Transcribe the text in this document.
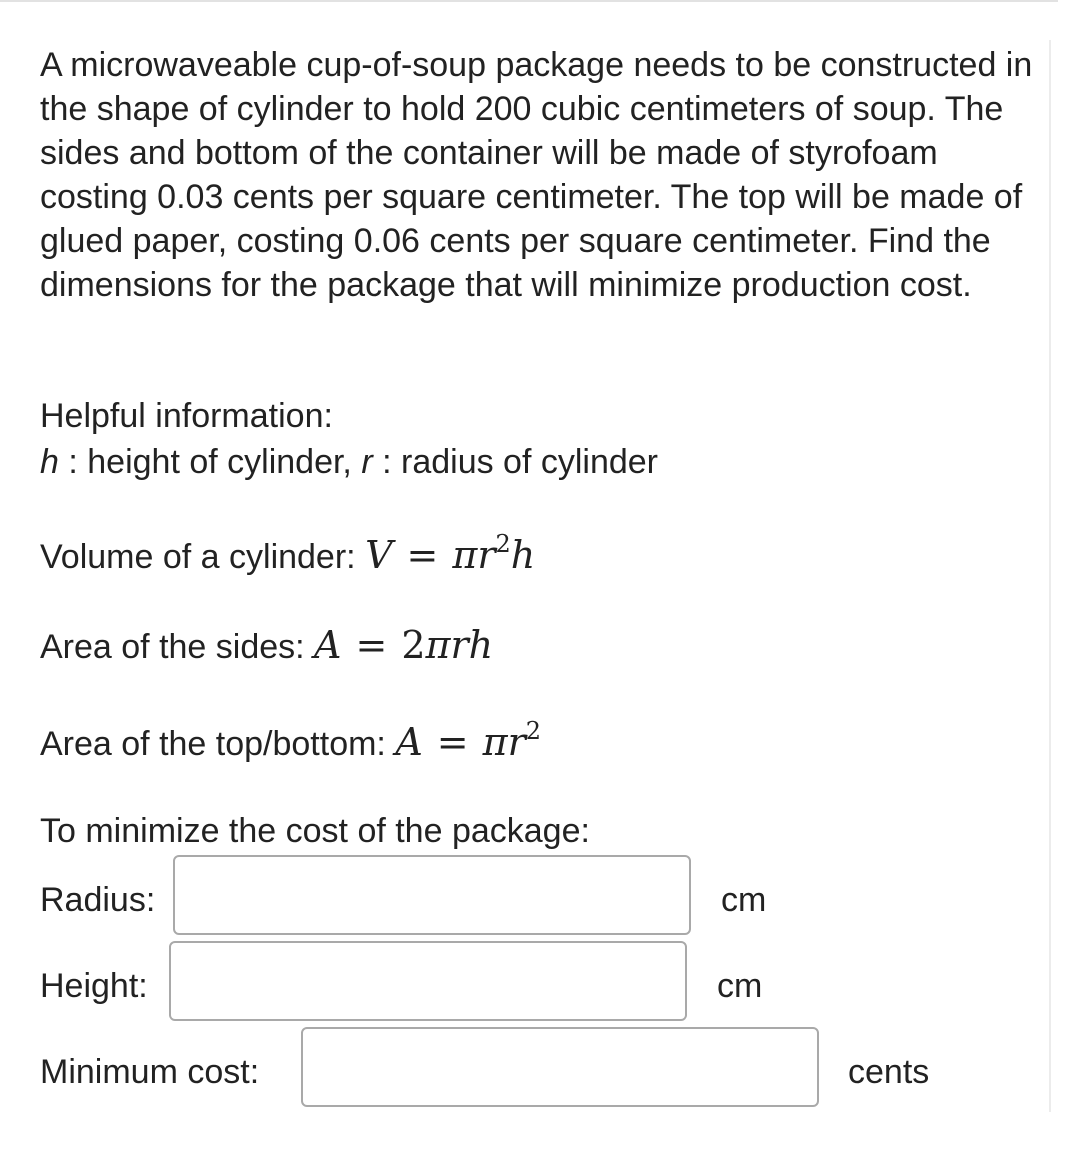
A microwaveable cup-of-soup package needs to be constructed in the shape of cylinder to hold 200 cubic centimeters of soup. The sides and bottom of the container will be made of styrofoam costing 0.03 cents per square centimeter. The top will be made of glued paper, costing 0.06 cents per square centimeter. Find the dimensions for the package that will minimize production cost.

Helpful information:

h : height of cylinder, r : radius of cylinder

Volume of a cylinder: $V = \pi r^2h$
Area of the sides: A = 2πrh
Area of the top/bottom: $A = \pi r^2$

To minimize the cost of the package:

Radius:	cm
Height:	cm
Minimum cost:	cents
